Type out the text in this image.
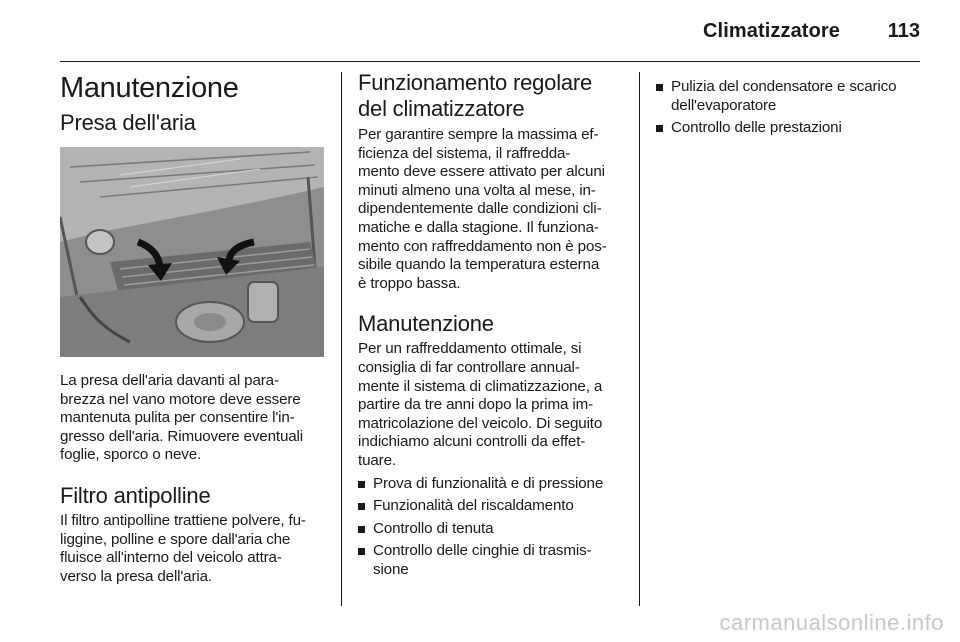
Climatizzatore 113
Manutenzione
Presa dell'aria

La presa dell'aria davanti al para-
brezza nel vano motore deve essere
mantenuta pulita per consentire l'in-
gresso dell'aria. Rimuovere eventuali
foglie, sporco o neve.

Filtro antipolline

Il filtro antipolline trattiene polvere, fu-
liggine, polline e spore dall'aria che
fluisce all'interno del veicolo attra-
verso la presa dell'aria.

Funzionamento regolare
del climatizzatore

Per garantire sempre la massima ef-
ficienza del sistema, il raffredda-
mento deve essere attivato per alcuni
minuti almeno una volta al mese, in-
dipendentemente dalle condizioni cli-
matiche e dalla stagione. Il funziona-
mento con raffreddamento non è pos-
sibile quando la temperatura esterna
è troppo bassa.

Manutenzione

Per un raffreddamento ottimale, si
consiglia di far controllare annual-
mente il sistema di climatizzazione, a
partire da tre anni dopo la prima im-
matricolazione del veicolo. Di seguito
indichiamo alcuni controlli da effet-
tuare.

Prova di funzionalità e di pressione
Funzionalità del riscaldamento
Controllo di tenuta
Controllo delle cinghie di trasmis-
sione
Pulizia del condensatore e scarico
dell'evaporatore
Controllo delle prestazioni
carmanualsonline.info
